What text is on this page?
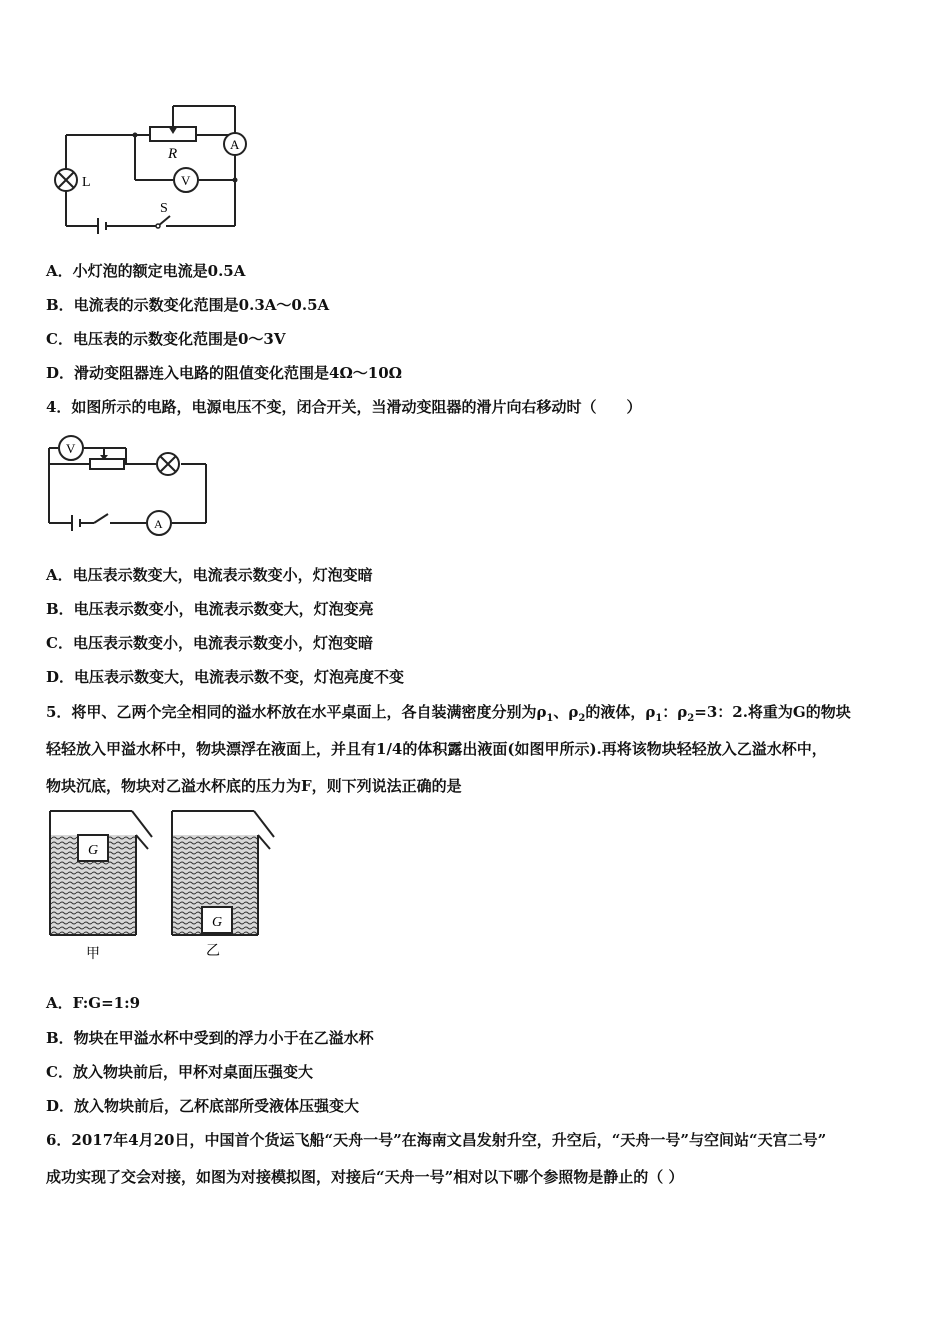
L
R
A
V
S
A．小灯泡的额定电流是0.5A
B．电流表的示数变化范围是0.3A～0.5A
C．电压表的示数变化范围是0～3V
D．滑动变阻器连入电路的阻值变化范围是4Ω～10Ω
4．如图所示的电路，电源电压不变，闭合开关，当滑动变阻器的滑片向右移动时（　　）
V
A
A．电压表示数变大，电流表示数变小，灯泡变暗
B．电压表示数变小，电流表示数变大，灯泡变亮
C．电压表示数变小，电流表示数变小，灯泡变暗
D．电压表示数变大，电流表示数不变，灯泡亮度不变
5．将甲、乙两个完全相同的溢水杯放在水平桌面上，各自装满密度分别为$\rho_1$、$\rho_2$的液体，$\rho_1$：$\rho_2=3$：2.将重为G的物块
轻轻放入甲溢水杯中，物块漂浮在液面上，并且有1/4的体积露出液面(如图甲所示).再将该物块轻轻放入乙溢水杯中，
物块沉底，物块对乙溢水杯底的压力为F，则下列说法正确的是
G
甲
G
乙
A．F:G=1:9
B．物块在甲溢水杯中受到的浮力小于在乙溢水杯
C．放入物块前后，甲杯对桌面压强变大
D．放入物块前后，乙杯底部所受液体压强变大
6．2017年4月20日，中国首个货运飞船“天舟一号”在海南文昌发射升空，升空后，“天舟一号”与空间站“天宫二号”
成功实现了交会对接，如图为对接模拟图，对接后“天舟一号”相对以下哪个参照物是静止的（ ）
